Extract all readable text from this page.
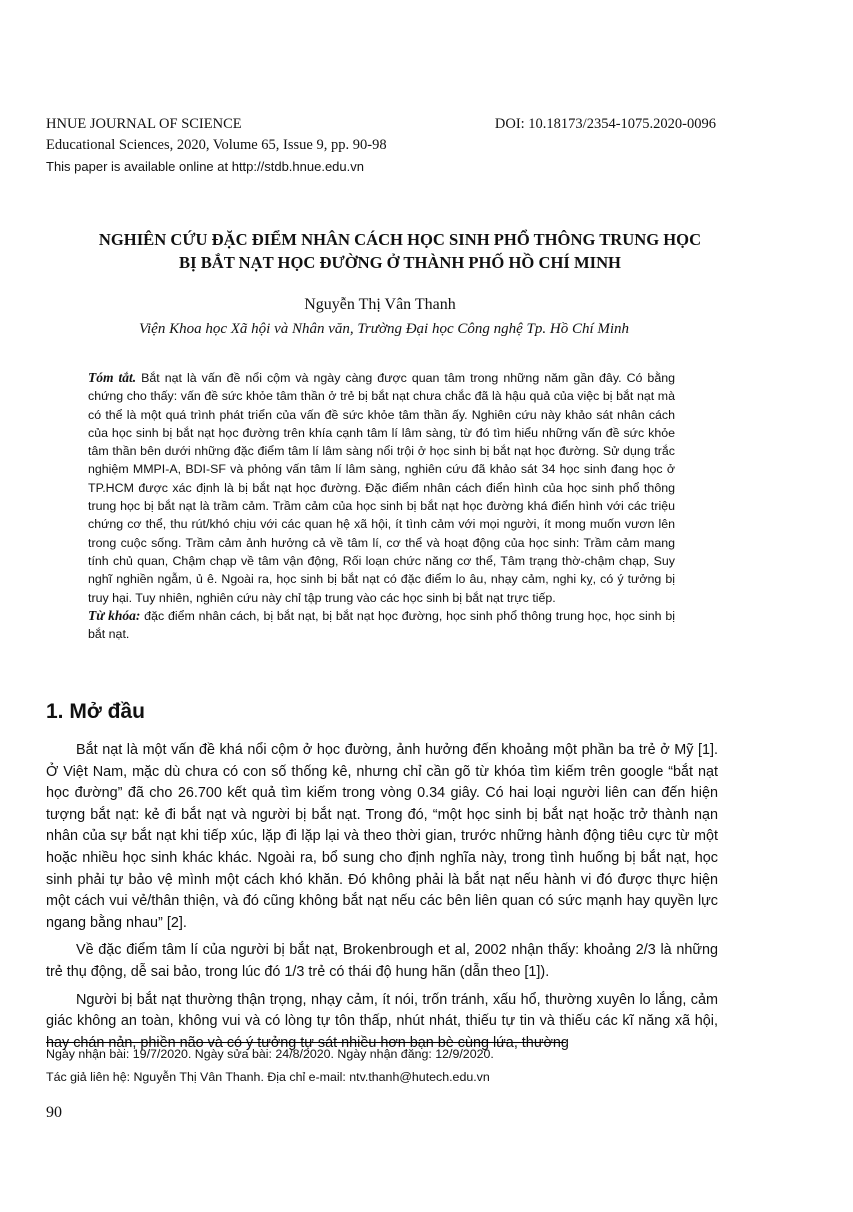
HNUE JOURNAL OF SCIENCE	DOI: 10.18173/2354-1075.2020-0096
Educational Sciences, 2020, Volume 65, Issue 9, pp. 90-98
This paper is available online at http://stdb.hnue.edu.vn
NGHIÊN CỨU ĐẶC ĐIỂM NHÂN CÁCH HỌC SINH PHỔ THÔNG TRUNG HỌC
BỊ BẮT NẠT HỌC ĐƯỜNG Ở THÀNH PHỐ HỒ CHÍ MINH
Nguyễn Thị Vân Thanh
Viện Khoa học Xã hội và Nhân văn, Trường Đại học Công nghệ Tp. Hồ Chí Minh

Tóm tắt. Bắt nạt là vấn đề nổi cộm và ngày càng được quan tâm trong những năm gần đây. Có bằng chứng cho thấy: vấn đề sức khỏe tâm thần ở trẻ bị bắt nạt chưa chắc đã là hậu quả của việc bị bắt nạt mà có thể là một quá trình phát triển của vấn đề sức khỏe tâm thần ấy. Nghiên cứu này khảo sát nhân cách của học sinh bị bắt nạt học đường trên khía cạnh tâm lí lâm sàng, từ đó tìm hiểu những vấn đề sức khỏe tâm thần bên dưới những đặc điểm tâm lí lâm sàng nổi trội ở học sinh bị bắt nạt học đường. Sử dụng trắc nghiệm MMPI-A, BDI-SF và phỏng vấn tâm lí lâm sàng, nghiên cứu đã khảo sát 34 học sinh đang học ở TP.HCM được xác định là bị bắt nạt học đường. Đặc điểm nhân cách điển hình của học sinh phổ thông trung học bị bắt nạt là trầm cảm. Trầm cảm của học sinh bị bắt nạt học đường khá điển hình với các triệu chứng cơ thể, thu rút/khó chịu với các quan hệ xã hội, ít tình cảm với mọi người, ít mong muốn vươn lên trong cuộc sống. Trầm cảm ảnh hưởng cả về tâm lí, cơ thể và hoạt động của học sinh: Trầm cảm mang tính chủ quan, Chậm chạp về tâm vận động, Rối loạn chức năng cơ thể, Tâm trạng thờ-chậm chạp, Suy nghĩ nghiền ngẫm, ủ ê. Ngoài ra, học sinh bị bắt nạt có đặc điểm lo âu, nhạy cảm, nghi kỵ, có ý tưởng bị truy hại. Tuy nhiên, nghiên cứu này chỉ tập trung vào các học sinh bị bắt nạt trực tiếp.

Từ khóa: đặc điểm nhân cách, bị bắt nạt, bị bắt nạt học đường, học sinh phổ thông trung học, học sinh bị bắt nạt.

1. Mở đầu

Bắt nạt là một vấn đề khá nổi cộm ở học đường, ảnh hưởng đến khoảng một phần ba trẻ ở Mỹ [1]. Ở Việt Nam, mặc dù chưa có con số thống kê, nhưng chỉ cần gõ từ khóa tìm kiếm trên google “bắt nạt học đường” đã cho 26.700 kết quả tìm kiếm trong vòng 0.34 giây. Có hai loại người liên can đến hiện tượng bắt nạt: kẻ đi bắt nạt và người bị bắt nạt. Trong đó, “một học sinh bị bắt nạt hoặc trở thành nạn nhân của sự bắt nạt khi tiếp xúc, lặp đi lặp lại và theo thời gian, trước những hành động tiêu cực từ một hoặc nhiều học sinh khác khác. Ngoài ra, bổ sung cho định nghĩa này, trong tình huống bị bắt nạt, học sinh phải tự bảo vệ mình một cách khó khăn. Đó không phải là bắt nạt nếu hành vi đó được thực hiện một cách vui vẻ/thân thiện, và đó cũng không bắt nạt nếu các bên liên quan có sức mạnh hay quyền lực ngang bằng nhau” [2].

Về đặc điểm tâm lí của người bị bắt nạt, Brokenbrough et al, 2002 nhận thấy: khoảng 2/3 là những trẻ thụ động, dễ sai bảo, trong lúc đó 1/3 trẻ có thái độ hung hãn (dẫn theo [1]).

Người bị bắt nạt thường thận trọng, nhạy cảm, ít nói, trốn tránh, xấu hổ, thường xuyên lo lắng, cảm giác không an toàn, không vui và có lòng tự tôn thấp, nhút nhát, thiếu tự tin và thiếu các kĩ năng xã hội, hay chán nản, phiền não và có ý tưởng tự sát nhiều hơn bạn bè cùng lứa, thường

Ngày nhận bài: 19/7/2020. Ngày sửa bài: 24/8/2020. Ngày nhận đăng: 12/9/2020.
Tác giả liên hệ: Nguyễn Thị Vân Thanh. Địa chỉ e-mail: ntv.thanh@hutech.edu.vn
90
